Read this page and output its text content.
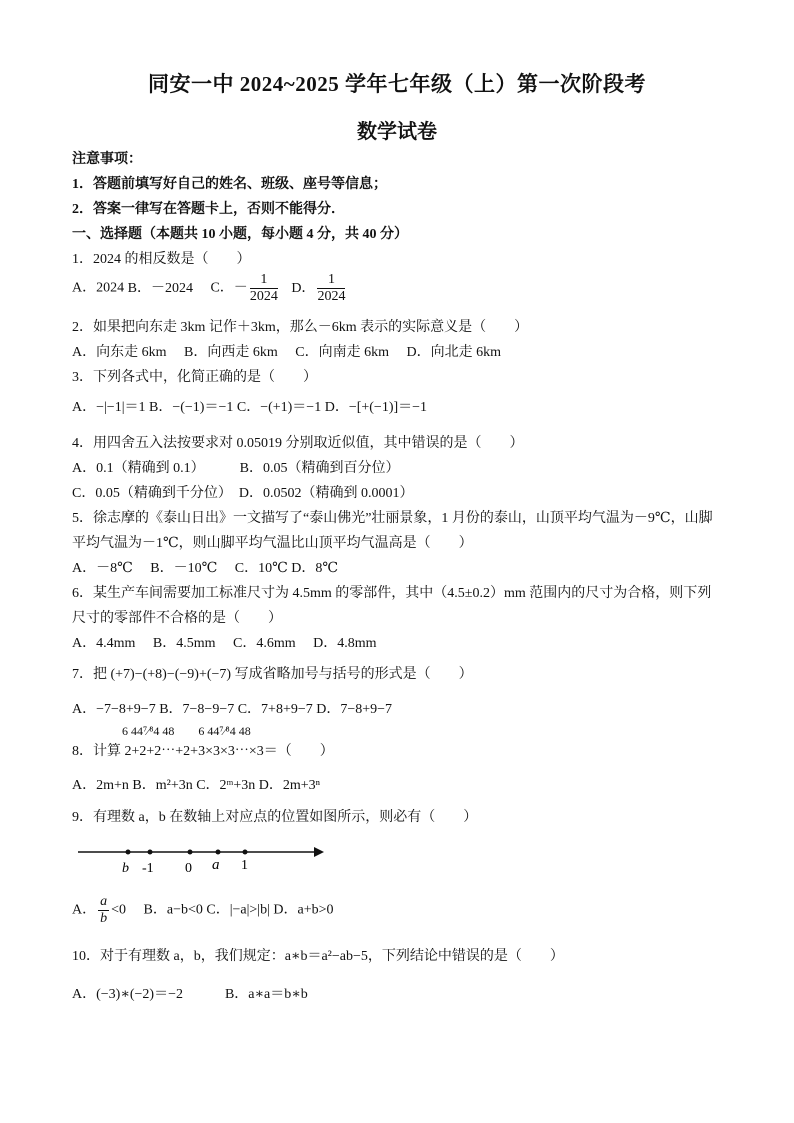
同安一中 2024~2025 学年七年级（上）第一次阶段考
数学试卷
注意事项：
1．答题前填写好自己的姓名、班级、座号等信息；
2．答案一律写在答题卡上，否则不能得分．
一、选择题（本题共 10 小题，每小题 4 分，共 40 分）
1．2024 的相反数是（　　）
A．2024 B．－2024 C．－ $\frac{1}{2024}$ D． $\frac{1}{2024}$
2．如果把向东走 3km 记作＋3km，那么－6km 表示的实际意义是（　　）
A．向东走 6km　 B．向西走 6km　 C．向南走 6km　 D．向北走 6km
3．下列各式中，化简正确的是（　　）
A．−|−1|＝1 B．−(−1)＝−1 C．−(+1)＝−1 D．−[+(−1)]＝−1
4．用四舍五入法按要求对 0.05019 分别取近似值，其中错误的是（　　）
A．0.1（精确到 0.1）　　　B．0.05（精确到百分位）
C．0.05（精确到千分位）　D．0.0502（精确到 0.0001）
5．徐志摩的《泰山日出》一文描写了“泰山佛光”壮丽景象，1 月份的泰山，山顶平均气温为－9℃，山脚
平均气温为－1℃，则山脚平均气温比山顶平均气温高是（　　）
A．－8℃　 B．－10℃　 C．10℃ D．8℃
6．某生产车间需要加工标准尺寸为 4.5mm 的零部件，其中（4.5±0.2）mm 范围内的尺寸为合格，则下列
尺寸的零部件不合格的是（　　）
A．4.4mm　 B．4.5mm　 C．4.6mm　 D．4.8mm
7．把 (+7)−(+8)−(−9)+(−7) 写成省略加号与括号的形式是（　　）
A．−7−8+9−7 B．7−8−9−7 C．7+8+9−7 D．7−8+9−7
6 44⁷⁄⁸4 48　　6 44⁷⁄⁸4 48
8．计算 2+2+2⋯+2+3×3×3⋯×3＝（　　）
A．2m+n B．m²+3n C．2ᵐ+3n D．2m+3ⁿ
9．有理数 a，b 在数轴上对应点的位置如图所示，则必有（　　）
b -1 0 a 1
A． $\frac{a}{b} <0$　 B．a−b<0 C．|−a|>|b| D．a+b>0
10．对于有理数 a，b，我们规定：a∗b＝a²−ab−5，下列结论中错误的是（　　）
A．(−3)∗(−2)＝−2　　　B．a∗a＝b∗b
